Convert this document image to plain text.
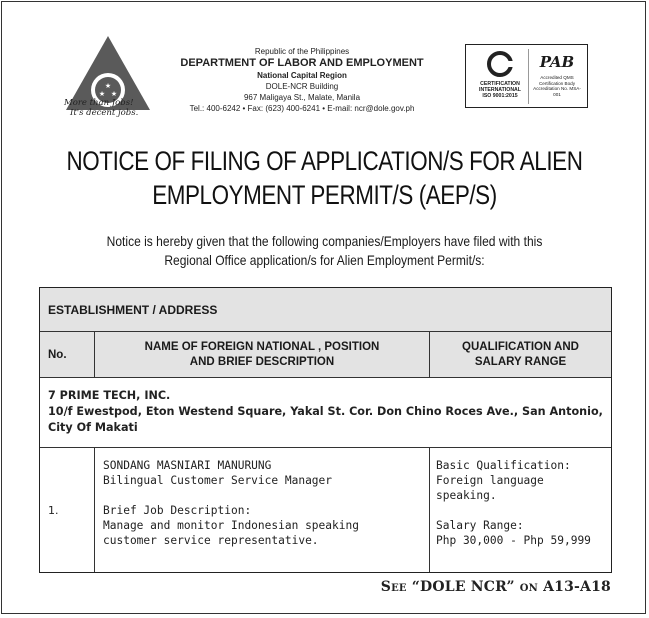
★
★ ★
More than Jobs!
It's decent jobs.
Republic of the Philippines
DEPARTMENT OF LABOR AND EMPLOYMENT
National Capital Region
DOLE-NCR Building
967 Maligaya St., Malate, Manila
Tel.: 400-6242 • Fax: (623) 400-6241 • E-mail: ncr@dole.gov.ph
CERTIFICATION INTERNATIONAL
ISO 9001:2015
PAB
Accredited QMS Certification Body Accreditation No. MSA-001
NOTICE OF FILING OF APPLICATION/S FOR ALIEN
EMPLOYMENT PERMIT/S (AEP/S)
Notice is hereby given that the following companies/Employers have filed with this
Regional Office application/s for Alien Employment Permit/s:
ESTABLISHMENT / ADDRESS
No.
NAME OF FOREIGN NATIONAL , POSITION
AND BRIEF DESCRIPTION
QUALIFICATION AND
SALARY RANGE
7 PRIME TECH, INC.
10/f Ewestpod, Eton Westend Square, Yakal St. Cor. Don Chino Roces Ave., San Antonio,
City Of Makati
1.
SONDANG MASNIARI MANURUNG
Bilingual Customer Service Manager
Brief Job Description:
Manage and monitor Indonesian speaking
customer service representative.
Basic Qualification:
Foreign language
speaking.
Salary Range:
Php 30,000 - Php 59,999
See “DOLE NCR” on A13-A18
